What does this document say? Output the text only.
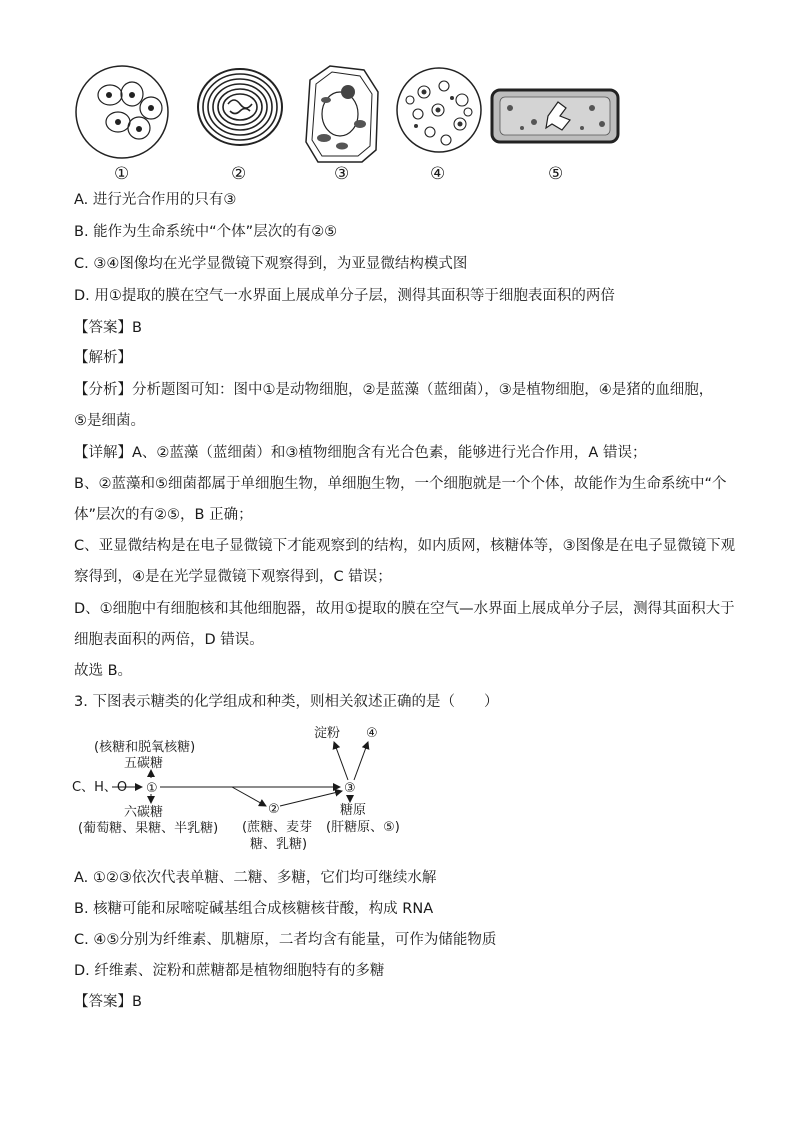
①	②	③	④	⑤
A. 进行光合作用的只有③
B. 能作为生命系统中“个体”层次的有②⑤
C. ③④图像均在光学显微镜下观察得到，为亚显微结构模式图
D. 用①提取的膜在空气一水界面上展成单分子层，测得其面积等于细胞表面积的两倍
【答案】B
【解析】
【分析】分析题图可知：图中①是动物细胞，②是蓝藻（蓝细菌），③是植物细胞，④是猪的血细胞，
⑤是细菌。
【详解】A、②蓝藻（蓝细菌）和③植物细胞含有光合色素，能够进行光合作用，A 错误；
B、②蓝藻和⑤细菌都属于单细胞生物，单细胞生物，一个细胞就是一个个体，故能作为生命系统中“个
体”层次的有②⑤，B 正确；
C、亚显微结构是在电子显微镜下才能观察到的结构，如内质网，核糖体等，③图像是在电子显微镜下观
察得到，④是在光学显微镜下观察得到，C 错误；
D、①细胞中有细胞核和其他细胞器，故用①提取的膜在空气—水界面上展成单分子层，测得其面积大于
细胞表面积的两倍，D 错误。
故选 B。
3. 下图表示糖类的化学组成和种类，则相关叙述正确的是（　　）
(核糖和脱氧核糖)
五碳糖
C、H、O ①
六碳糖
(葡萄糖、果糖、半乳糖)
②
(蔗糖、麦芽
糖、乳糖)
淀粉 ④
③
糖原
(肝糖原、⑤)
A. ①②③依次代表单糖、二糖、多糖，它们均可继续水解
B. 核糖可能和尿嘧啶碱基组合成核糖核苷酸，构成 RNA
C. ④⑤分别为纤维素、肌糖原，二者均含有能量，可作为储能物质
D. 纤维素、淀粉和蔗糖都是植物细胞特有的多糖
【答案】B
